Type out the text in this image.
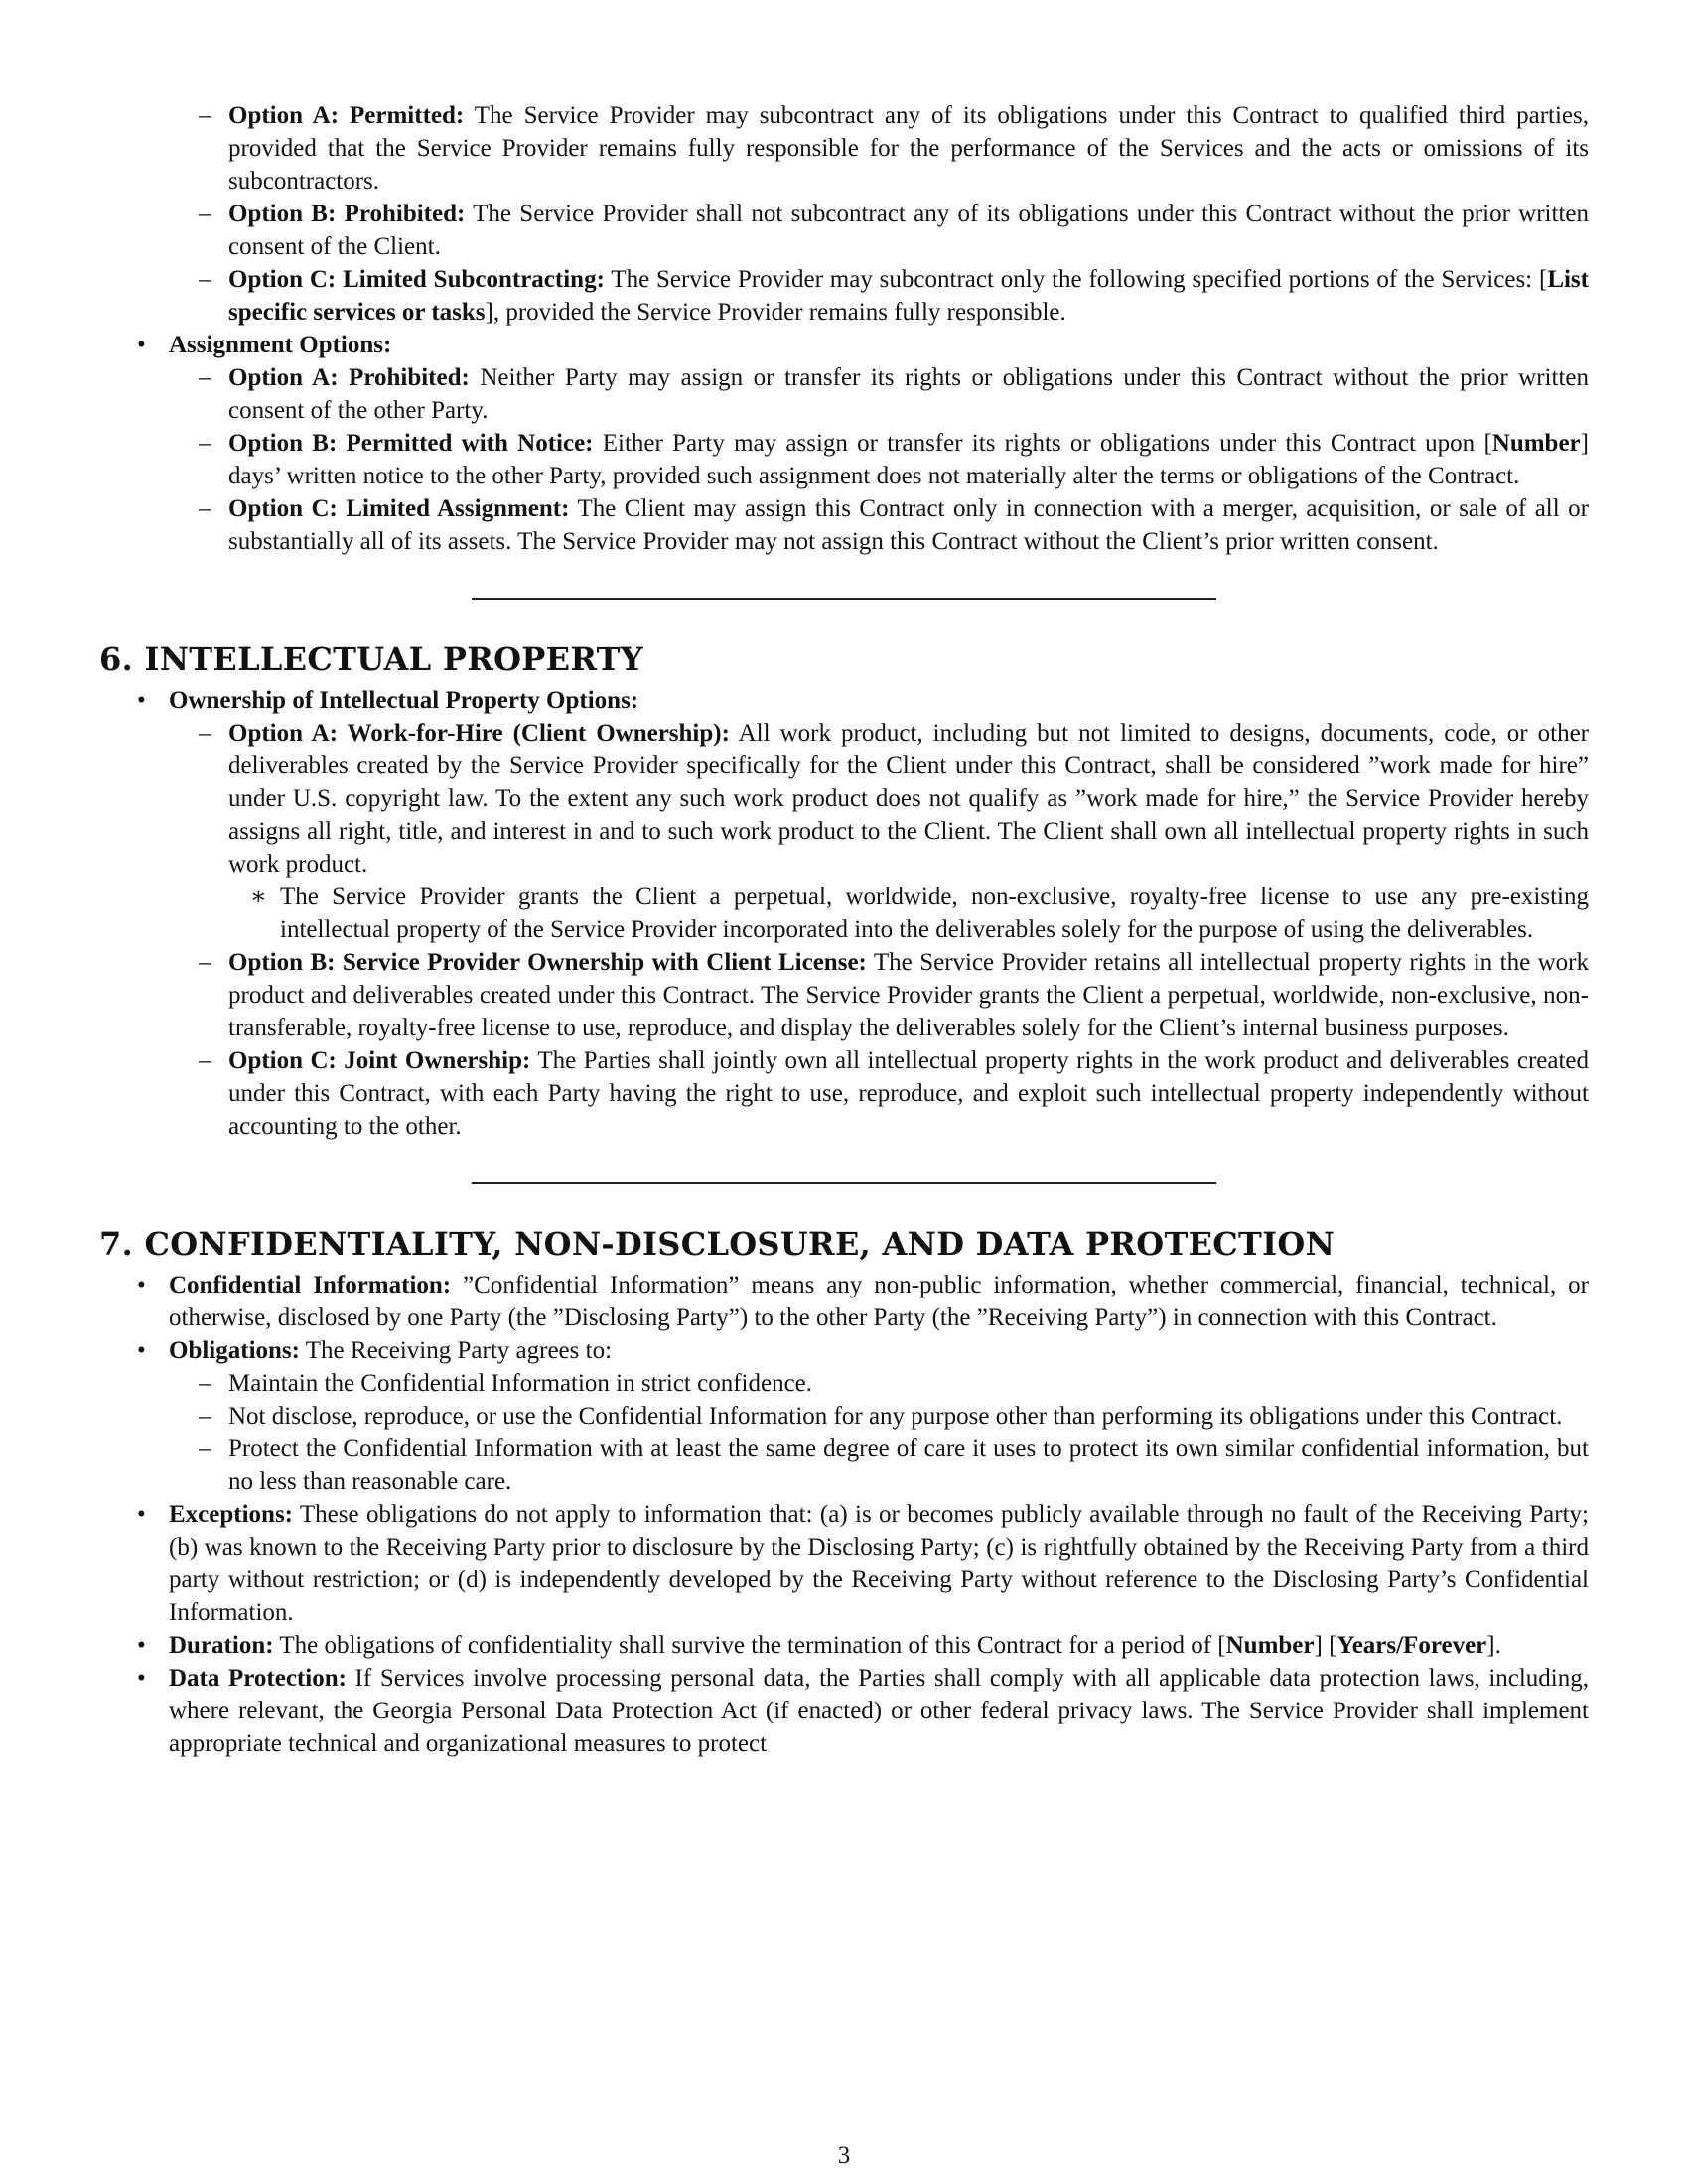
– Option A: Permitted: The Service Provider may subcontract any of its obligations under this Contract to qualified third parties, provided that the Service Provider remains fully responsible for the performance of the Services and the acts or omissions of its subcontractors.
– Option B: Prohibited: The Service Provider shall not subcontract any of its obligations under this Contract without the prior written consent of the Client.
– Option C: Limited Subcontracting: The Service Provider may subcontract only the following specified portions of the Services: [List specific services or tasks], provided the Service Provider remains fully responsible.
• Assignment Options:
– Option A: Prohibited: Neither Party may assign or transfer its rights or obligations under this Contract without the prior written consent of the other Party.
– Option B: Permitted with Notice: Either Party may assign or transfer its rights or obligations under this Contract upon [Number] days’ written notice to the other Party, provided such assignment does not materially alter the terms or obligations of the Contract.
– Option C: Limited Assignment: The Client may assign this Contract only in connection with a merger, acquisition, or sale of all or substantially all of its assets. The Service Provider may not assign this Contract without the Client’s prior written consent.
6. INTELLECTUAL PROPERTY
• Ownership of Intellectual Property Options:
– Option A: Work-for-Hire (Client Ownership): All work product, including but not limited to designs, documents, code, or other deliverables created by the Service Provider specifically for the Client under this Contract, shall be considered ”work made for hire” under U.S. copyright law. To the extent any such work product does not qualify as ”work made for hire,” the Service Provider hereby assigns all right, title, and interest in and to such work product to the Client. The Client shall own all intellectual property rights in such work product.
∗ The Service Provider grants the Client a perpetual, worldwide, non-exclusive, royalty-free license to use any pre-existing intellectual property of the Service Provider incorporated into the deliverables solely for the purpose of using the deliverables.
– Option B: Service Provider Ownership with Client License: The Service Provider retains all intellectual property rights in the work product and deliverables created under this Contract. The Service Provider grants the Client a perpetual, worldwide, non-exclusive, non-transferable, royalty-free license to use, reproduce, and display the deliverables solely for the Client’s internal business purposes.
– Option C: Joint Ownership: The Parties shall jointly own all intellectual property rights in the work product and deliverables created under this Contract, with each Party having the right to use, reproduce, and exploit such intellectual property independently without accounting to the other.
7. CONFIDENTIALITY, NON-DISCLOSURE, AND DATA PROTECTION
• Confidential Information: ”Confidential Information” means any non-public information, whether commercial, financial, technical, or otherwise, disclosed by one Party (the ”Disclosing Party”) to the other Party (the ”Receiving Party”) in connection with this Contract.
• Obligations: The Receiving Party agrees to:
– Maintain the Confidential Information in strict confidence.
– Not disclose, reproduce, or use the Confidential Information for any purpose other than performing its obligations under this Contract.
– Protect the Confidential Information with at least the same degree of care it uses to protect its own similar confidential information, but no less than reasonable care.
• Exceptions: These obligations do not apply to information that: (a) is or becomes publicly available through no fault of the Receiving Party; (b) was known to the Receiving Party prior to disclosure by the Disclosing Party; (c) is rightfully obtained by the Receiving Party from a third party without restriction; or (d) is independently developed by the Receiving Party without reference to the Disclosing Party’s Confidential Information.
• Duration: The obligations of confidentiality shall survive the termination of this Contract for a period of [Number] [Years/Forever].
• Data Protection: If Services involve processing personal data, the Parties shall comply with all applicable data protection laws, including, where relevant, the Georgia Personal Data Protection Act (if enacted) or other federal privacy laws. The Service Provider shall implement appropriate technical and organizational measures to protect
3
